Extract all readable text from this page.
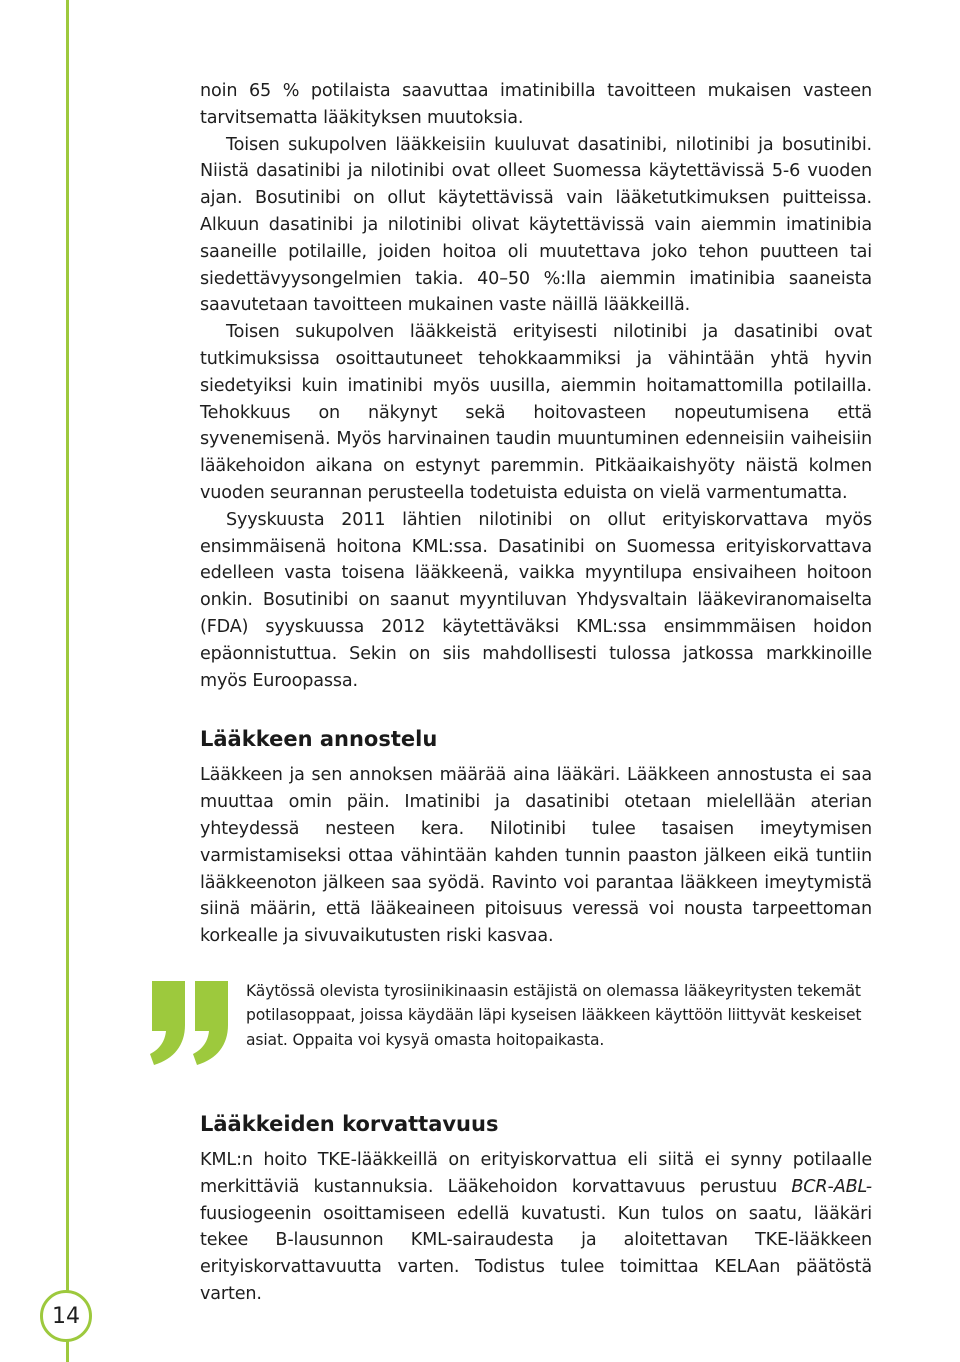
14

noin 65 % potilaista saavuttaa imatinibilla tavoitteen mukaisen vasteen tarvitsematta lääkityksen muutoksia.

Toisen sukupolven lääkkeisiin kuuluvat dasatinibi, nilotinibi ja bosutinibi. Niistä dasatinibi ja nilotinibi ovat olleet Suomessa käytettävissä 5-6 vuoden ajan. Bosutinibi on ollut käytettävissä vain lääketutkimuksen puitteissa. Alkuun dasatinibi ja nilotinibi olivat käytettävissä vain aiemmin imatinibia saaneille potilaille, joiden hoitoa oli muutettava joko tehon puutteen tai siedettävyysongelmien takia. 40–50 %:lla aiemmin imatinibia saaneista saavutetaan tavoitteen mukainen vaste näillä lääkkeillä.

Toisen sukupolven lääkkeistä erityisesti nilotinibi ja dasatinibi ovat tutkimuksissa osoittautuneet tehokkaammiksi ja vähintään yhtä hyvin siedetyiksi kuin imatinibi myös uusilla, aiemmin hoitamattomilla potilailla. Tehokkuus on näkynyt sekä hoitovasteen nopeutumisena että syvenemisenä. Myös harvinainen taudin muuntuminen edenneisiin vaiheisiin lääkehoidon aikana on estynyt paremmin. Pitkäaikaishyöty näistä kolmen vuoden seurannan perusteella todetuista eduista on vielä varmentumatta.

Syyskuusta 2011 lähtien nilotinibi on ollut erityiskorvattava myös ensimmäisenä hoitona KML:ssa. Dasatinibi on Suomessa erityiskorvattava edelleen vasta toisena lääkkeenä, vaikka myyntilupa ensivaiheen hoitoon onkin. Bosutinibi on saanut myyntiluvan Yhdysvaltain lääkeviranomaiselta (FDA) syyskuussa 2012 käytettäväksi KML:ssa ensimmmäisen hoidon epäonnistuttua. Sekin on siis mahdollisesti tulossa jatkossa markkinoille myös Euroopassa.

Lääkkeen annostelu

Lääkkeen ja sen annoksen määrää aina lääkäri. Lääkkeen annostusta ei saa muuttaa omin päin. Imatinibi ja dasatinibi otetaan mielellään aterian yhteydessä nesteen kera. Nilotinibi tulee tasaisen imeytymisen varmistamiseksi ottaa vähintään kahden tunnin paaston jälkeen eikä tuntiin lääkkeenoton jälkeen saa syödä. Ravinto voi parantaa lääkkeen imeytymistä siinä määrin, että lääkeaineen pitoisuus veressä voi nousta tarpeettoman korkealle ja sivuvaikutusten riski kasvaa.

Käytössä olevista tyrosiinikinaasin estäjistä on olemassa lääkeyritysten tekemät potilasoppaat, joissa käydään läpi kyseisen lääkkeen käyttöön liittyvät keskeiset asiat. Oppaita voi kysyä omasta hoitopaikasta.
Lääkkeiden korvattavuus

KML:n hoito TKE-lääkkeillä on erityiskorvattua eli siitä ei synny potilaalle merkittäviä kustannuksia. Lääkehoidon korvattavuus perustuu BCR-ABL-fuusiogeenin osoittamiseen edellä kuvatusti. Kun tulos on saatu, lääkäri tekee B-lausunnon KML-sairaudesta ja aloitettavan TKE-lääkkeen erityiskorvattavuutta varten. Todistus tulee toimittaa KELAan päätöstä varten.
